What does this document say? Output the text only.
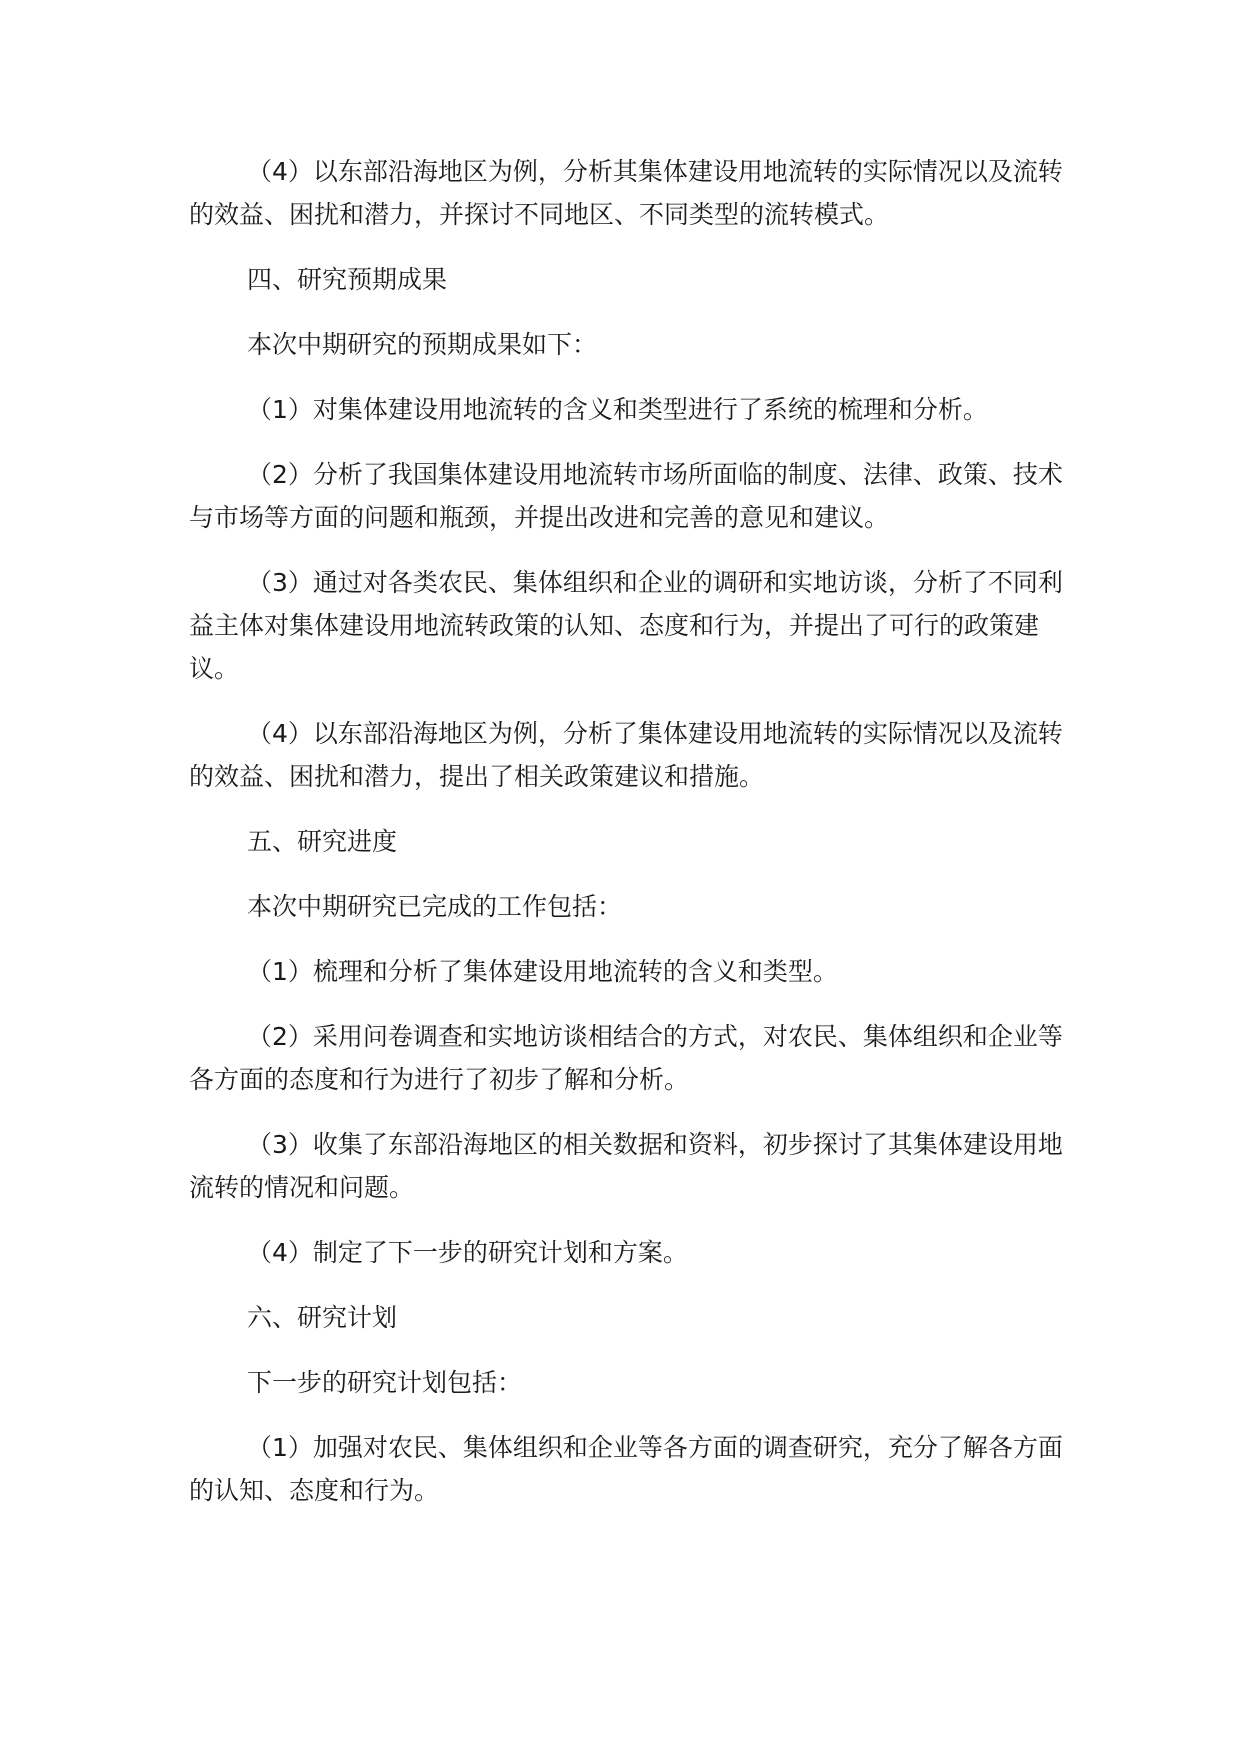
（4）以东部沿海地区为例，分析其集体建设用地流转的实际情况以及流转的效益、困扰和潜力，并探讨不同地区、不同类型的流转模式。

四、研究预期成果

本次中期研究的预期成果如下：

（1）对集体建设用地流转的含义和类型进行了系统的梳理和分析。

（2）分析了我国集体建设用地流转市场所面临的制度、法律、政策、技术与市场等方面的问题和瓶颈，并提出改进和完善的意见和建议。

（3）通过对各类农民、集体组织和企业的调研和实地访谈，分析了不同利益主体对集体建设用地流转政策的认知、态度和行为，并提出了可行的政策建议。

（4）以东部沿海地区为例，分析了集体建设用地流转的实际情况以及流转的效益、困扰和潜力，提出了相关政策建议和措施。

五、研究进度

本次中期研究已完成的工作包括：

（1）梳理和分析了集体建设用地流转的含义和类型。

（2）采用问卷调查和实地访谈相结合的方式，对农民、集体组织和企业等各方面的态度和行为进行了初步了解和分析。

（3）收集了东部沿海地区的相关数据和资料，初步探讨了其集体建设用地流转的情况和问题。

（4）制定了下一步的研究计划和方案。

六、研究计划

下一步的研究计划包括：

（1）加强对农民、集体组织和企业等各方面的调查研究，充分了解各方面的认知、态度和行为。
